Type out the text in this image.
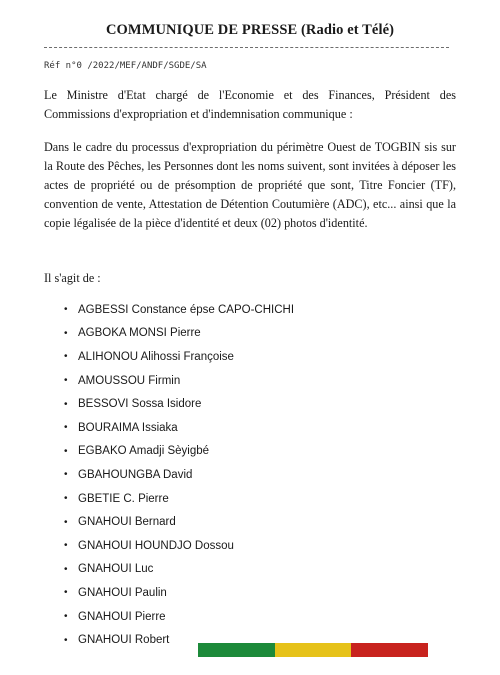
COMMUNIQUE DE PRESSE (Radio et Télé)
Réf n°0 /2022/MEF/ANDF/SGDE/SA
Le Ministre d'Etat chargé de l'Economie et des Finances, Président des Commissions d'expropriation et d'indemnisation communique :
Dans le cadre du processus d'expropriation du périmètre Ouest de TOGBIN sis sur la Route des Pêches, les Personnes dont les noms suivent, sont invitées à déposer les actes de propriété ou de présomption de propriété que sont, Titre Foncier (TF), convention de vente, Attestation de Détention Coutumière (ADC), etc... ainsi que la copie légalisée de la pièce d'identité et deux (02) photos d'identité.
Il s'agit de :
• AGBESSI Constance épse CAPO-CHICHI
• AGBOKA MONSI Pierre
• ALIHONOU Alihossi Françoise
• AMOUSSOU Firmin
• BESSOVI Sossa Isidore
• BOURAIMA Issiaka
• EGBAKO Amadji Sèyigbé
• GBAHOUNGBA David
• GBETIE C. Pierre
• GNAHOUI Bernard
• GNAHOUI HOUNDJO Dossou
• GNAHOUI Luc
• GNAHOUI Paulin
• GNAHOUI Pierre
• GNAHOUI Robert
